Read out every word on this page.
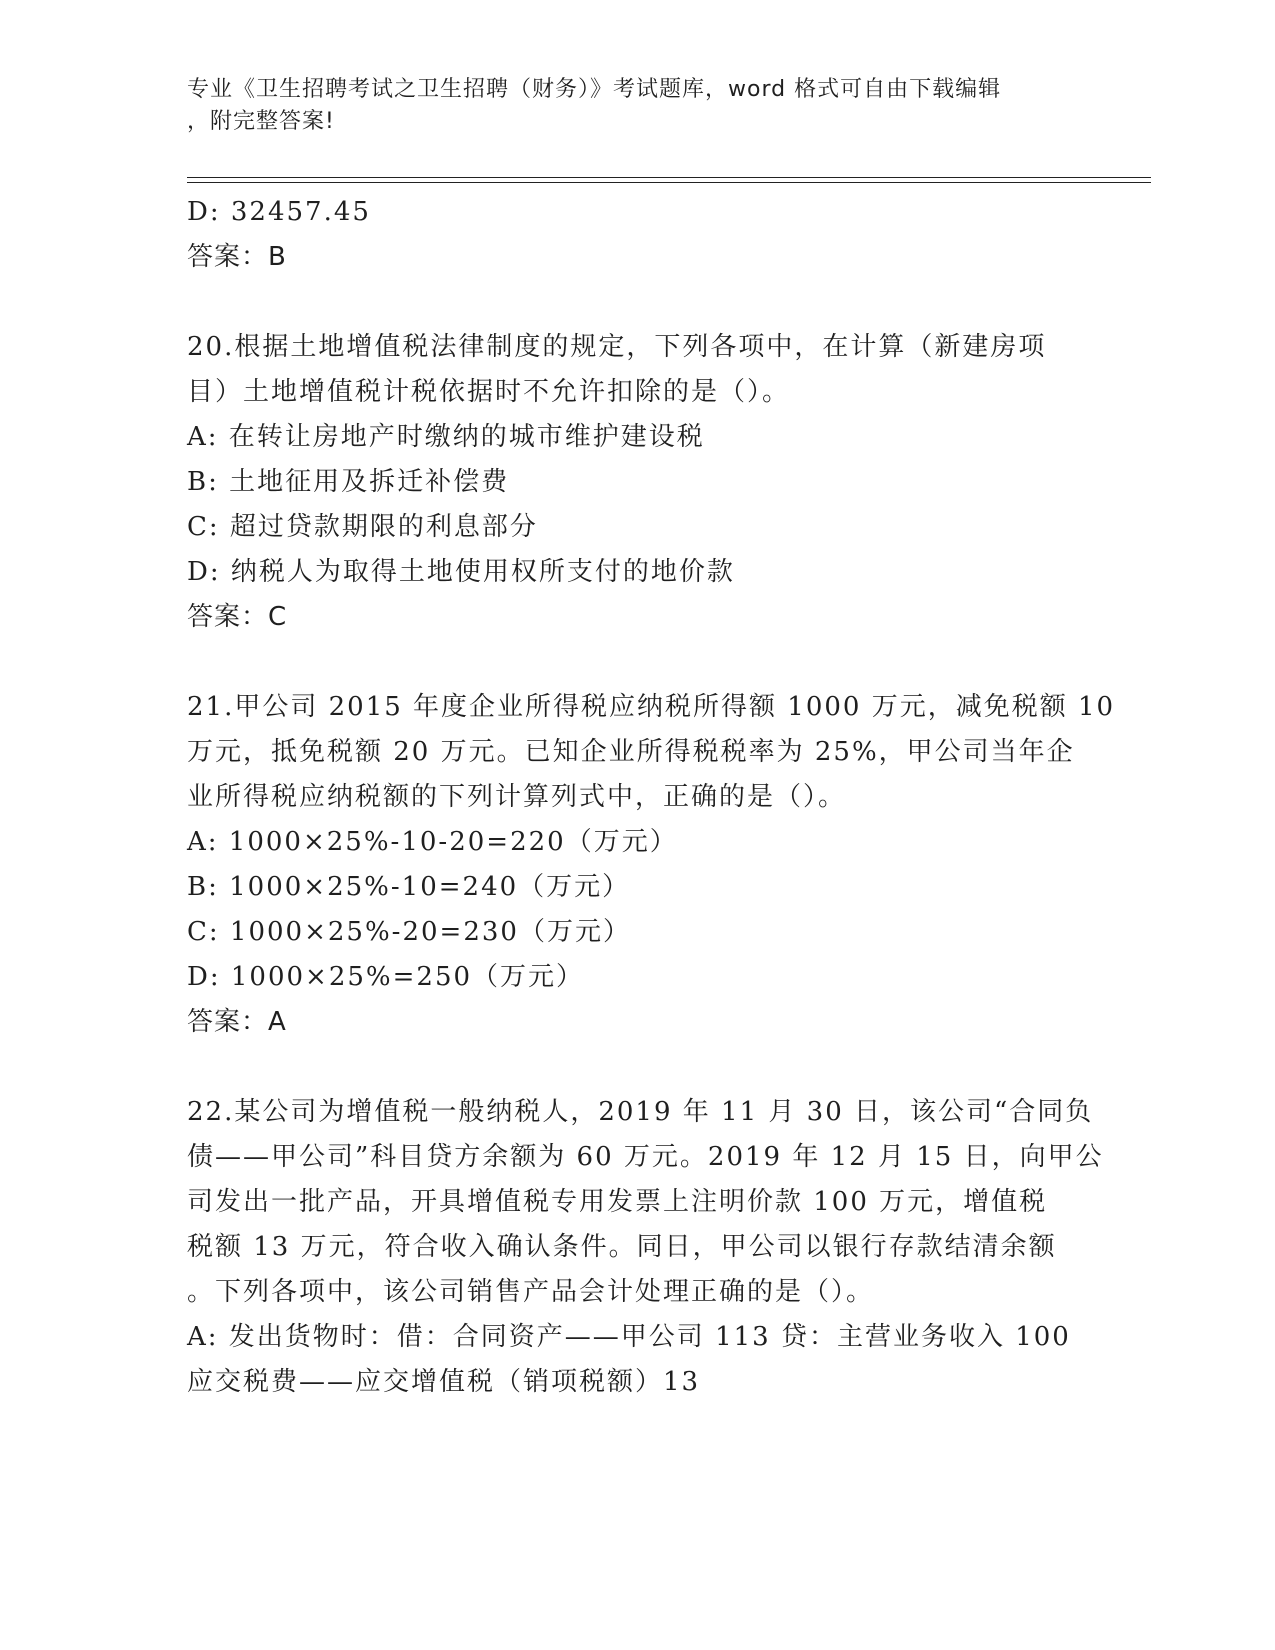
专业《卫生招聘考试之卫生招聘（财务）》考试题库，word 格式可自由下载编辑
，附完整答案!

D: 32457.45

答案：B

20.根据土地增值税法律制度的规定，下列各项中，在计算（新建房项

目）土地增值税计税依据时不允许扣除的是（）。

A: 在转让房地产时缴纳的城市维护建设税

B: 土地征用及拆迁补偿费

C: 超过贷款期限的利息部分

D: 纳税人为取得土地使用权所支付的地价款

答案：C

21.甲公司 2015 年度企业所得税应纳税所得额 1000 万元，减免税额 10

万元，抵免税额 20 万元。已知企业所得税税率为 25%，甲公司当年企

业所得税应纳税额的下列计算列式中，正确的是（）。

A: 1000×25%-10-20=220（万元）

B: 1000×25%-10=240（万元）

C: 1000×25%-20=230（万元）

D: 1000×25%=250（万元）

答案：A

22.某公司为增值税一般纳税人，2019 年 11 月 30 日，该公司“合同负

债——甲公司”科目贷方余额为 60 万元。2019 年 12 月 15 日，向甲公

司发出一批产品，开具增值税专用发票上注明价款 100 万元，增值税

税额 13 万元，符合收入确认条件。同日，甲公司以银行存款结清余额

。下列各项中，该公司销售产品会计处理正确的是（）。

A: 发出货物时：借：合同资产——甲公司 113 贷：主营业务收入 100

应交税费——应交增值税（销项税额）13
